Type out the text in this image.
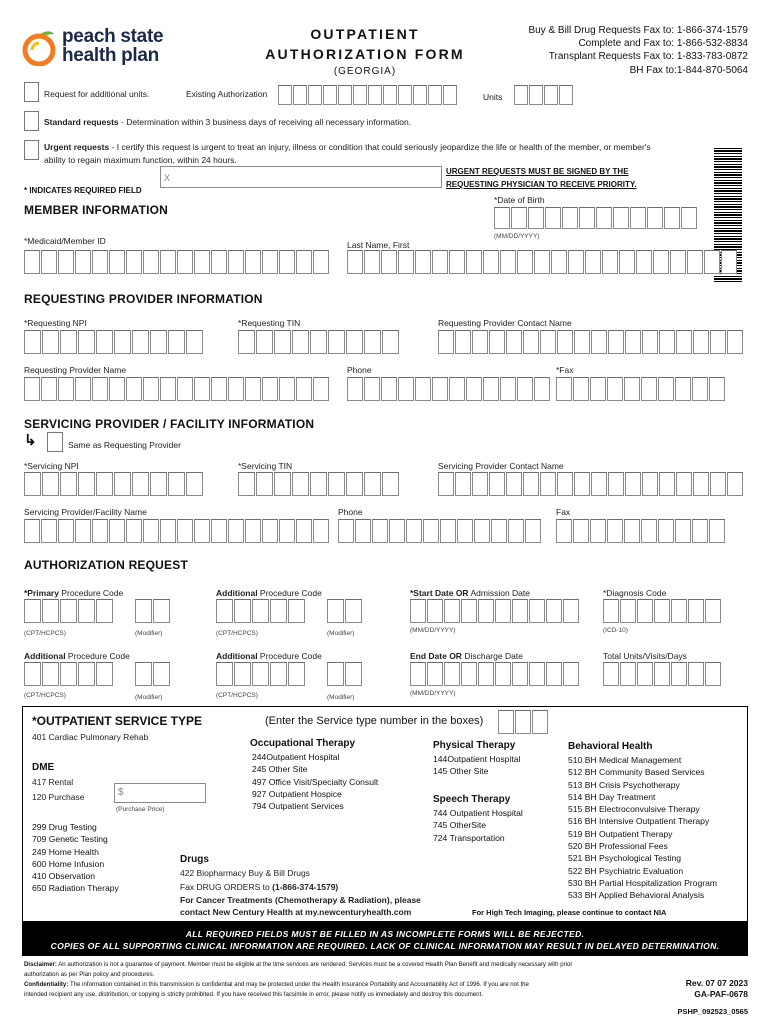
peach state
health plan
OUTPATIENT
AUTHORIZATION FORM
(GEORGIA)
Buy & Bill Drug Requests Fax to: 1-866-374-1579
Complete and Fax to: 1-866-532-8834
Transplant Requests Fax to: 1-833-783-0872
BH Fax to:1-844-870-5064
Request for additional units.	Existing Authorization	Units
Standard requests - Determination within 3 business days of receiving all necessary information.
Urgent requests - I certify this request is urgent to treat an injury, illness or condition that could seriously jeopardize the life or health of the member, or member's
ability to regain maximum function, within 24 hours.
X
URGENT REQUESTS MUST BE SIGNED BY THE
REQUESTING PHYSICIAN TO RECEIVE PRIORITY.
* INDICATES REQUIRED FIELD
MEMBER INFORMATION
*Date of Birth
(MM/DD/YYYY)
*Medicaid/Member ID	Last Name, First
REQUESTING PROVIDER INFORMATION
*Requesting NPI	*Requesting TIN	Requesting Provider Contact Name
Requesting Provider Name	Phone	*Fax
SERVICING PROVIDER / FACILITY INFORMATION
↳	Same as Requesting Provider
*Servicing NPI	*Servicing TIN	Servicing Provider Contact Name
Servicing Provider/Facility Name	Phone	Fax
AUTHORIZATION REQUEST
*Primary Procedure Code	Additional Procedure Code	*Start Date OR Admission Date	*Diagnosis Code
(CPT/HCPCS)	(Modifier)	(CPT/HCPCS)	(Modifier)	(MM/DD/YYYY)	(ICD-10)
Additional Procedure Code	Additional Procedure Code	End Date OR Discharge Date	Total Units/Visits/Days
(CPT/HCPCS)	(Modifier)	(CPT/HCPCS)	(Modifier)
(MM/DD/YYYY)
*OUTPATIENT SERVICE TYPE	(Enter the Service type number in the boxes)
401 Cardiac Pulmonary Rehab
DME
417 Rental
120 Purchase	$
(Purchase Price)
299 Drug Testing
709 Genetic Testing
249 Home Health
600 Home Infusion
410 Observation
650 Radiation Therapy
Occupational Therapy
244Outpatient Hospital
245 Other Site
497 Office Visit/Specialty Consult
927 Outpatient Hospice
794 Outpatient Services
Physical Therapy
144Outpatient Hospital
145 Other Site
Speech Therapy
744 Outpatient Hospital
745 OtherSite
724 Transportation
Behavioral Health
510 BH Medical Management
512 BH Community Based Services
513 BH Crisis Psychotherapy
514 BH Day Treatment
515 BH Electroconvulsive Therapy
516 BH Intensive Outpatient Therapy
519 BH Outpatient Therapy
520 BH Professional Fees
521 BH Psychological Testing
522 BH Psychiatric Evaluation
530 BH Partial Hospitalization Program
533 BH Applied Behavioral Analysis
Drugs
422 Biopharmacy Buy & Bill Drugs
Fax DRUG ORDERS to (1-866-374-1579)
For Cancer Treatments (Chemotherapy & Radiation), please
contact New Century Health at my.newcenturyhealth.com	For High Tech Imaging, please continue to contact NIA
ALL REQUIRED FIELDS MUST BE FILLED IN AS INCOMPLETE FORMS WILL BE REJECTED.
COPIES OF ALL SUPPORTING CLINICAL INFORMATION ARE REQUIRED. LACK OF CLINICAL INFORMATION MAY RESULT IN DELAYED DETERMINATION.
Disclaimer: An authorization is not a guarantee of payment. Member must be eligible at the time services are rendered. Services must be a covered Health Plan Benefit and medically necessary with prior
authorization as per Plan policy and procedures.
Confidentiality: The information contained in this transmission is confidential and may be protected under the Health Insurance Portability and Accountability Act of 1996. If you are not the
intended recipient any use, distribution, or copying is strictly prohibited. If you have received this facsimile in error, please notify us immediately and destroy this document.
Rev. 07 07 2023
GA-PAF-0678
PSHP_092523_0565
